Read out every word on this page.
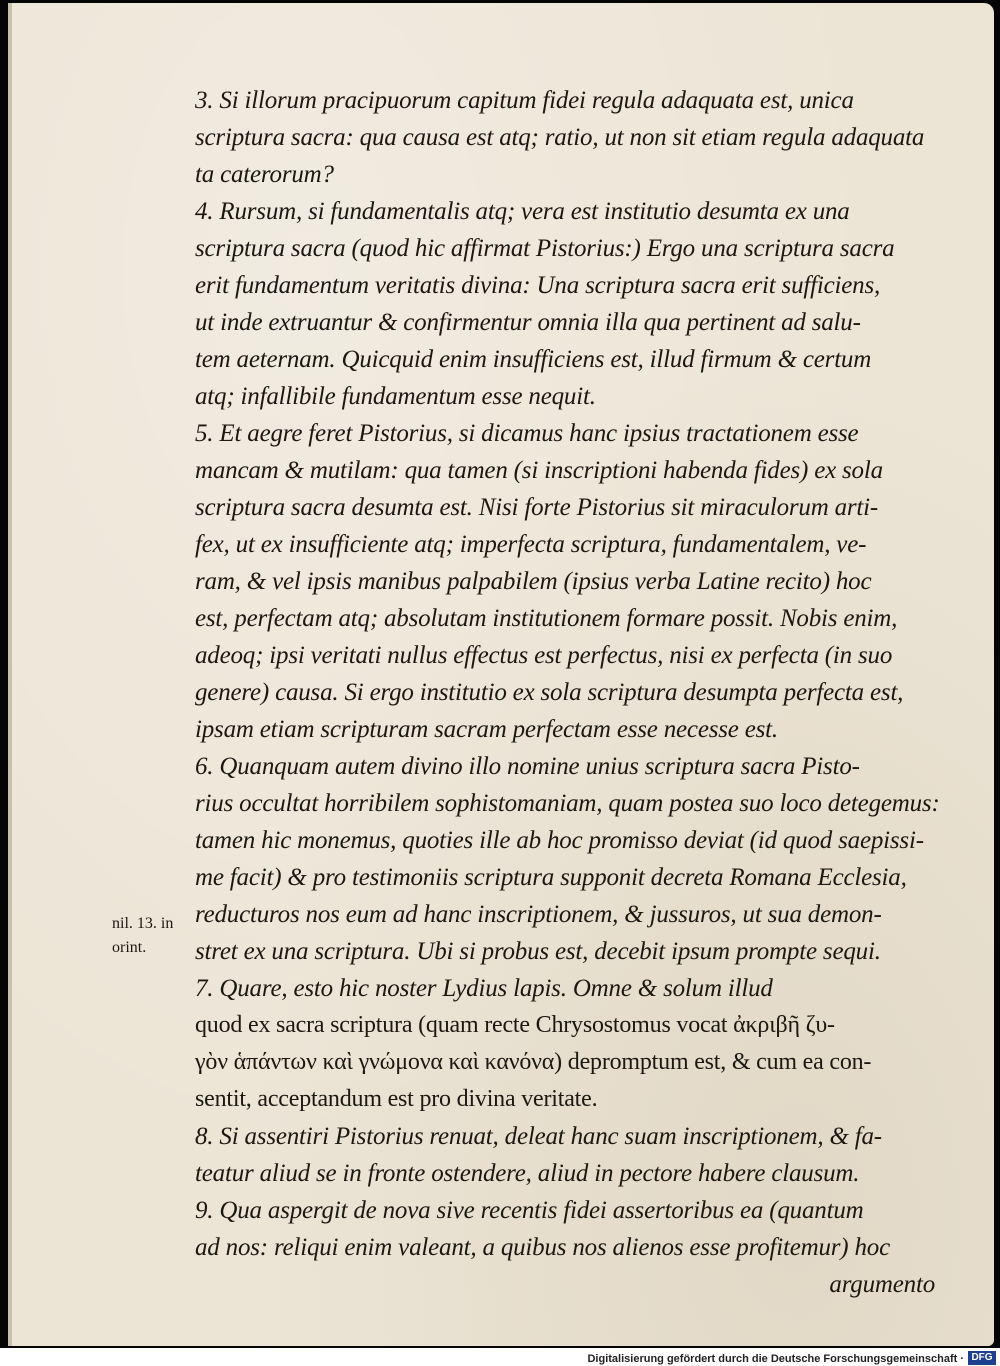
3. Si illorum pracipuorum capitum fidei regula adaquata est, unica
scriptura sacra: qua causa est atq; ratio, ut non sit etiam regula adaquata
ta caterorum?
4. Rursum, si fundamentalis atq; vera est institutio desumta ex una
scriptura sacra (quod hic affirmat Pistorius:) Ergo una scriptura sacra
erit fundamentum veritatis divina: Una scriptura sacra erit sufficiens,
ut inde extruantur & confirmentur omnia illa qua pertinent ad salu-
tem aeternam. Quicquid enim insufficiens est, illud firmum & certum
atq; infallibile fundamentum esse nequit.
5. Et aegre feret Pistorius, si dicamus hanc ipsius tractationem esse
mancam & mutilam: qua tamen (si inscriptioni habenda fides) ex sola
scriptura sacra desumta est. Nisi forte Pistorius sit miraculorum arti-
fex, ut ex insufficiente atq; imperfecta scriptura, fundamentalem, ve-
ram, & vel ipsis manibus palpabilem (ipsius verba Latine recito) hoc
est, perfectam atq; absolutam institutionem formare possit. Nobis enim,
adeoq; ipsi veritati nullus effectus est perfectus, nisi ex perfecta (in suo
genere) causa. Si ergo institutio ex sola scriptura desumpta perfecta est,
ipsam etiam scripturam sacram perfectam esse necesse est.
6. Quanquam autem divino illo nomine unius scriptura sacra Pisto-
rius occultat horribilem sophistomaniam, quam postea suo loco detegemus:
tamen hic monemus, quoties ille ab hoc promisso deviat (id quod saepissi-
me facit) & pro testimoniis scriptura supponit decreta Romana Ecclesia,
reducturos nos eum ad hanc inscriptionem, & jussuros, ut sua demon-
stret ex una scriptura. Ubi si probus est, decebit ipsum prompte sequi.
7. Quare, esto hic noster Lydius lapis. Omne & solum illud
quod ex sacra scriptura (quam recte Chrysostomus vocat ἀκριβῆ ζυ-
γὸν ἁπάντων καὶ γνώμονα καὶ κανόνα) depromptum est, & cum ea con-
sentit, acceptandum est pro divina veritate.
8. Si assentiri Pistorius renuat, deleat hanc suam inscriptionem, & fa-
teatur aliud se in fronte ostendere, aliud in pectore habere clausum.
9. Qua aspergit de nova sive recentis fidei assertoribus ea (quantum
ad nos: reliqui enim valeant, a quibus nos alienos esse profitemur) hoc
argumento
nil. 13. in
orint.
Digitalisierung gefördert durch die Deutsche Forschungsgemeinschaft · DFG
